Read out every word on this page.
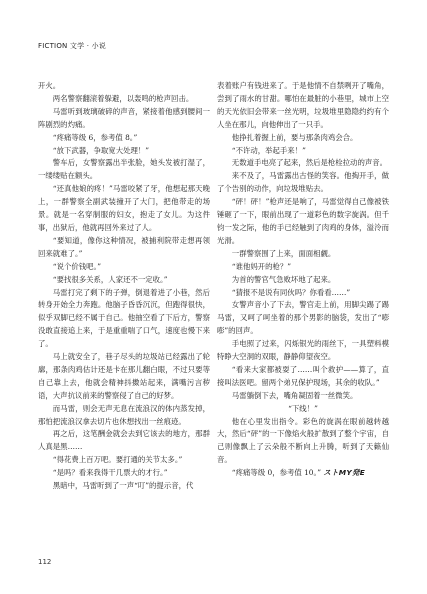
FICTION 文学 · 小说

开火。

两名警察翻滚着躲避，以轰鸣的枪声回击。

马雷听到玻璃破碎的声音，紧接着他感到腰间一阵剧烈的灼痛。

“疼痛等级 6，参考值 8。”

“放下武器，争取宽大处理！”

警车后，女警察露出半张脸，她头发被打湿了，一缕缕贴在额头。

“还真他娘的疼！”马雷咬紧了牙，他想起那天晚上，一群警察全副武装撞开了大门，把他带走的场景。就是一名穿制服的妇女，抱走了女儿。为这件事，出狱后，他就再回外来过了人。

“要知道，像你这种情况，被捕利院带走想再领回来就难了。”

“说个价钱吧。”

“要找很多关系，人家还不一定收。”

马雷打完了剩下的子弹，倒退着进了小巷，然后转身开始全力奔跑。他脑子昏昏沉沉，但跑得很快，似乎双脚已经不属于自己。他抽空看了下后方，警察没敢直接追上来，于是重重喘了口气，速度也慢下来了。

马上就安全了，巷子尽头的垃圾站已经露出了轮廓，那条肉鸡估计还是卡在那儿翻白眼，不过只要等自己靠上去，他就会精神抖擞站起来，满嘴污言秽语，大声抗议前来的警察侵了自己的好梦。

而马雷，则会无声无息在流浪汉的体内蒸发掉，那怕把流浪汉拿去切片也休想找出一丝痕迹。

再之后，这笔酬金就会去到它该去的地方，那群人真是黑……

“得花费上百万吧。要打通的关节太多。”

“是吗？看来我得干几票大的才行。”

黑暗中，马雷听到了一声“叮”的提示音，代

表着账户有钱进来了。于是他情不自禁咧开了嘴角，尝到了雨水的甘甜。哪怕在最脏的小巷里，城市上空的天光依旧会带来一丝光明，垃圾堆里隐隐约约有个人坐在那儿，向他伸出了一只手。

他挣扎着握上前，要与那条肉鸡会合。

“不许动，举起手来！”

无数道手电亮了起来，然后是枪栓拉动的声音。

来不及了，马雷露出古怪的笑容。他掏开手，做了个告别的动作，向垃圾堆贴去。

“砰！砰！”枪声还是响了，马雷觉得自己像被铁锤砸了一下，眼前出现了一道彩色的数字旋涡。但千钧一发之际，他的手已经触到了肉鸡的身体，溢泠而光滑。

一群警察围了上来，面面相觑。

“谁他妈开的枪？”

为首的警官气急败坏地了起来。

“猜报不是说有同伙吗？你看看……”

女警声音小了下去，警官走上前，用脚尖踢了踢马雷，又呵了呵坐着的那个男影的脑袋，发出了“嘭嘭”的回声。

手电照了过来，闪烁银光的雨丝下，一具塑料模特睁大空洞的双眼，静静仰望夜空。

“看来大家都被耍了……叫个救护——算了，直接叫法医吧。留两个弟兄保护现场，其余的收队。”

马雷躺倒下去，嘴角凝固着一丝微笑。

“下线！”

他在心里发出指令。彩色的旋涡在眼前越转越大，然后“砰”的一下像焰火般扩散到了整个宇宙，自己则像飘上了云朵般不断向上升腾，听到了天籁仙音。

“疼痛等级 0，参考值 10。” ストMY発E

112
